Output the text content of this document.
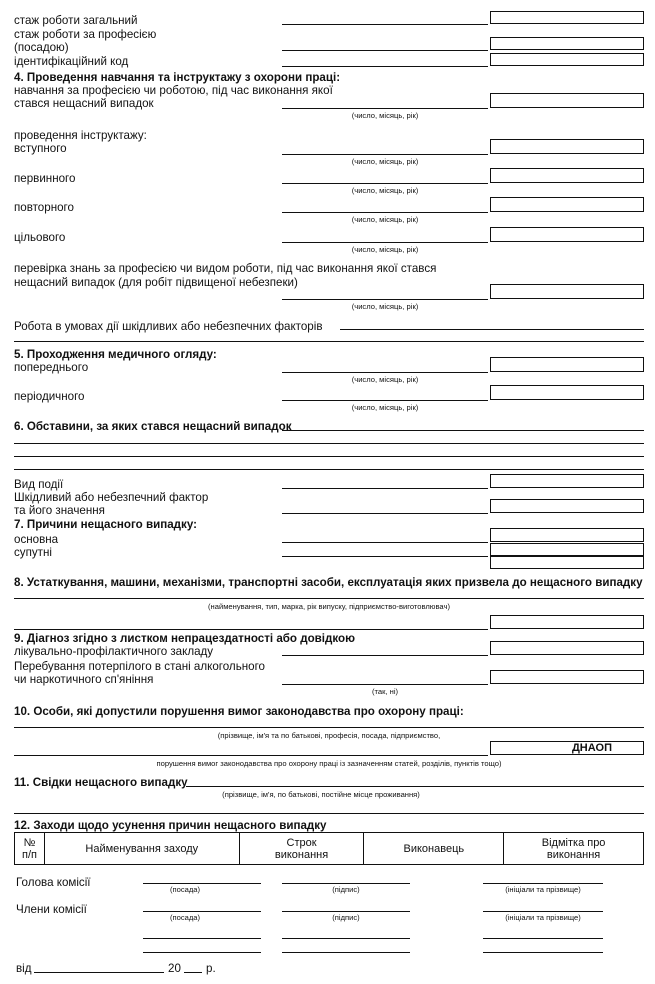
стаж роботи загальний
стаж роботи за професією
(посадою)
ідентифікаційний код
4. Проведення навчання та інструктажу з охорони праці:
навчання за професією чи роботою, під час виконання якої
стався нещасний випадок
(число, місяць, рік)
проведення інструктажу:
вступного
(число, місяць, рік)
первинного
(число, місяць, рік)
повторного
(число, місяць, рік)
цільового
(число, місяць, рік)
перевірка знань за професією чи видом роботи, під час виконання якої стався
нещасний випадок (для робіт підвищеної небезпеки)
(число, місяць, рік)
Робота в умовах дії шкідливих або небезпечних факторів
5. Проходження медичного огляду:
попереднього
(число, місяць, рік)
періодичного
(число, місяць, рік)
6. Обставини, за яких стався нещасний випадок
Вид події
Шкідливий або небезпечний фактор
та його значення
7. Причини нещасного випадку:
основна
супутні
8. Устаткування, машини, механізми, транспортні засоби, експлуатація яких призвела до нещасного випадку
(найменування, тип, марка, рік випуску, підприємство-виготовлювач)
9. Діагноз згідно з листком непрацездатності або довідкою
лікувально-профілактичного закладу
Перебування потерпілого в стані алкогольного
чи наркотичного сп'яніння
(так, ні)
10. Особи, які допустили порушення вимог законодавства про охорону праці:
(прізвище, ім'я та по батькові, професія, посада, підприємство,
ДНАОП
порушення вимог законодавства про охорону праці із зазначенням статей, розділів, пунктів тощо)
11. Свідки нещасного випадку
(прізвище, ім'я, по батькові, постійне місце проживання)
12. Заходи щодо усунення причин нещасного випадку
№
п/п	Найменування заходу	Строк
виконання	Виконавець	Відмітка про
виконання
Голова комісії
(посада)	(підпис)	(ініціали та прізвище)
Члени комісії
(посада)	(підпис)	(ініціали та прізвище)
від	20 р.
